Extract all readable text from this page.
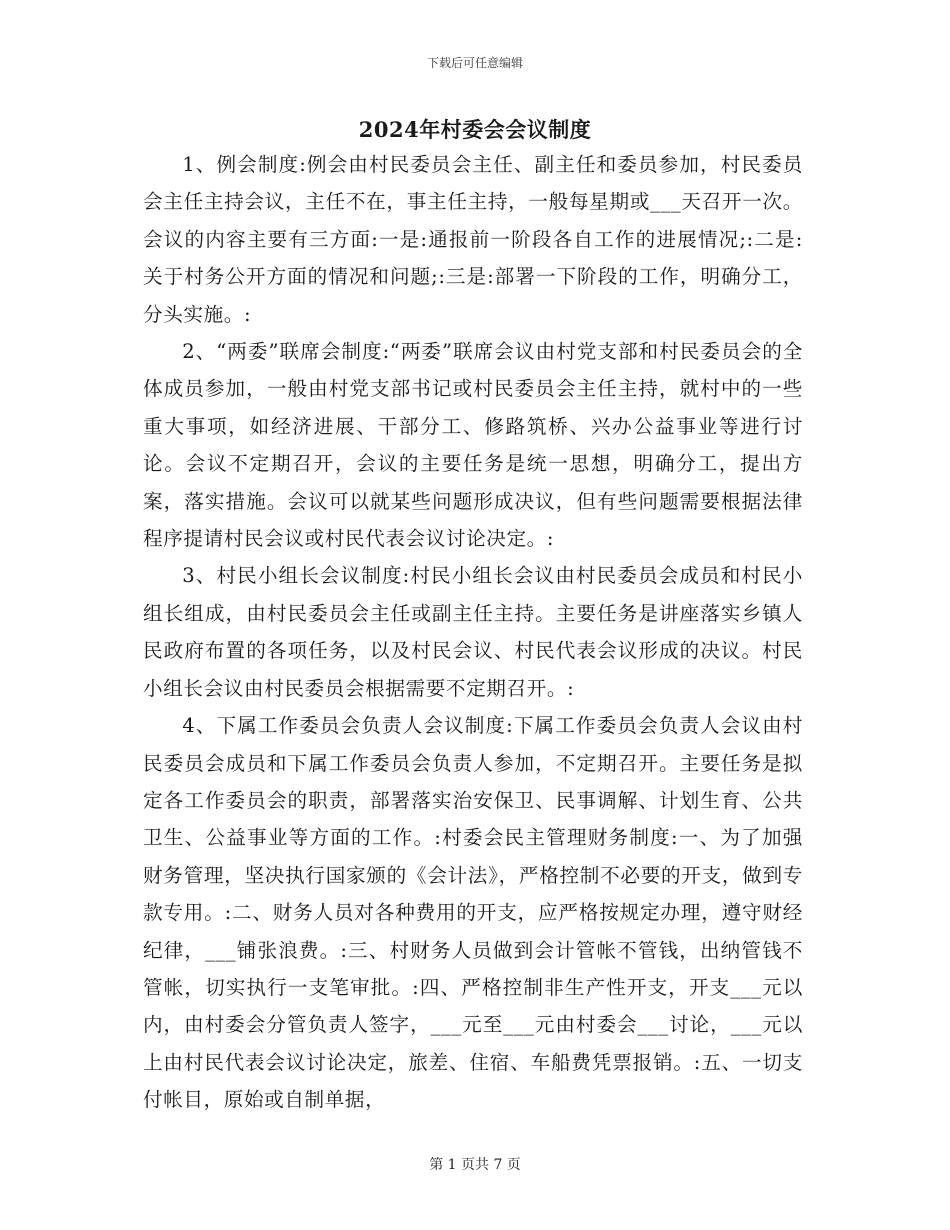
下载后可任意编辑
2024年村委会会议制度

1、例会制度:例会由村民委员会主任、副主任和委员参加，村民委员会主任主持会议，主任不在，事主任主持，一般每星期或___天召开一次。会议的内容主要有三方面:一是:通报前一阶段各自工作的进展情况;:二是:关于村务公开方面的情况和问题;:三是:部署一下阶段的工作，明确分工，分头实施。:

2、“两委”联席会制度:“两委”联席会议由村党支部和村民委员会的全体成员参加，一般由村党支部书记或村民委员会主任主持，就村中的一些重大事项，如经济进展、干部分工、修路筑桥、兴办公益事业等进行讨论。会议不定期召开，会议的主要任务是统一思想，明确分工，提出方案，落实措施。会议可以就某些问题形成决议，但有些问题需要根据法律程序提请村民会议或村民代表会议讨论决定。:

3、村民小组长会议制度:村民小组长会议由村民委员会成员和村民小组长组成，由村民委员会主任或副主任主持。主要任务是讲座落实乡镇人民政府布置的各项任务，以及村民会议、村民代表会议形成的决议。村民小组长会议由村民委员会根据需要不定期召开。:

4、下属工作委员会负责人会议制度:下属工作委员会负责人会议由村民委员会成员和下属工作委员会负责人参加，不定期召开。主要任务是拟定各工作委员会的职责，部署落实治安保卫、民事调解、计划生育、公共卫生、公益事业等方面的工作。:村委会民主管理财务制度:一、为了加强财务管理，坚决执行国家颁的《会计法》，严格控制不必要的开支，做到专款专用。:二、财务人员对各种费用的开支，应严格按规定办理，遵守财经纪律，___铺张浪费。:三、村财务人员做到会计管帐不管钱，出纳管钱不管帐，切实执行一支笔审批。:四、严格控制非生产性开支，开支___元以内，由村委会分管负责人签字，___元至___元由村委会___讨论，___元以上由村民代表会议讨论决定，旅差、住宿、车船费凭票报销。:五、一切支付帐目，原始或自制单据，

第 1 页共 7 页
